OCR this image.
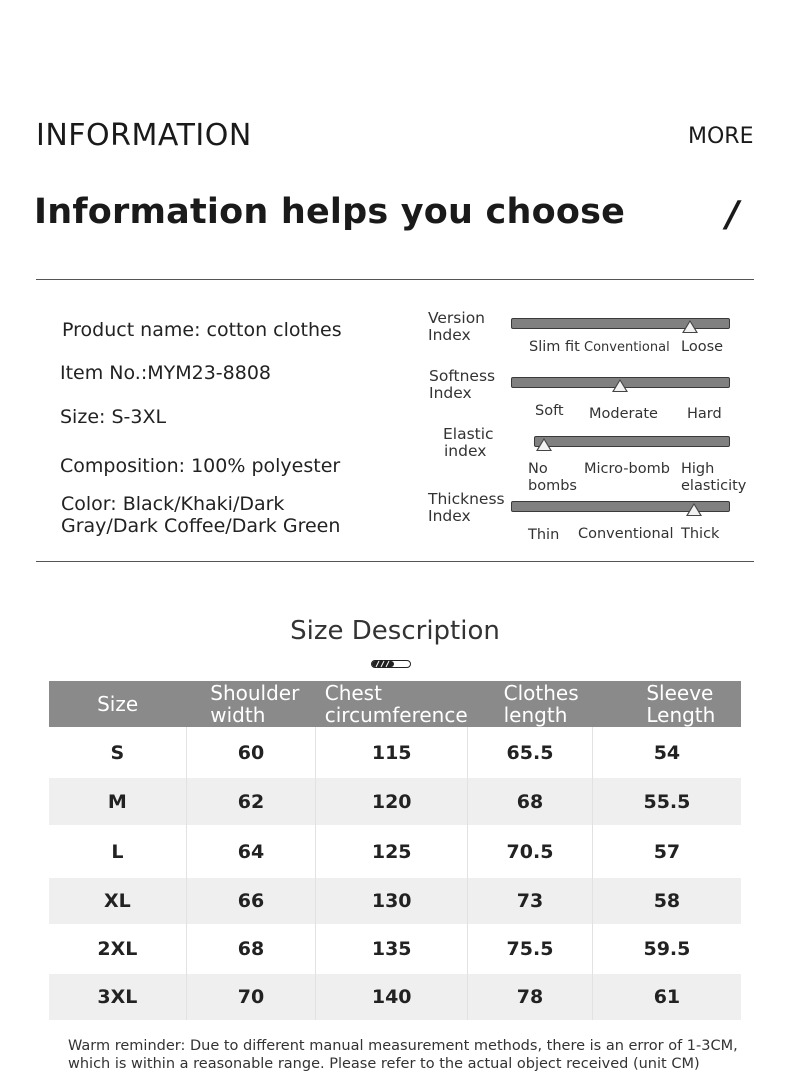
INFORMATION	MORE
Information helps you choose	/
Product name: cotton clothes
Item No.:MYM23-8808
Size: S-3XL
Composition: 100% polyester
Color: Black/Khaki/Dark
Gray/Dark Coffee/Dark Green
Version
Index
Slim fit Conventional Loose
Softness
Index
Soft Moderate Hard
Elastic
index
No bombs
Micro-bomb High elasticity
Thickness
Index
Thin Conventional Thick
Size Description
Size	Shoulder width	Chest circumference	Clothes length	Sleeve Length
S	60	115	65.5	54
M	62	120	68	55.5
L	64	125	70.5	57
XL	66	130	73	58
2XL	68	135	75.5	59.5
3XL	70	140	78	61
Warm reminder: Due to different manual measurement methods, there is an error of 1-3CM,
which is within a reasonable range. Please refer to the actual object received (unit CM)
